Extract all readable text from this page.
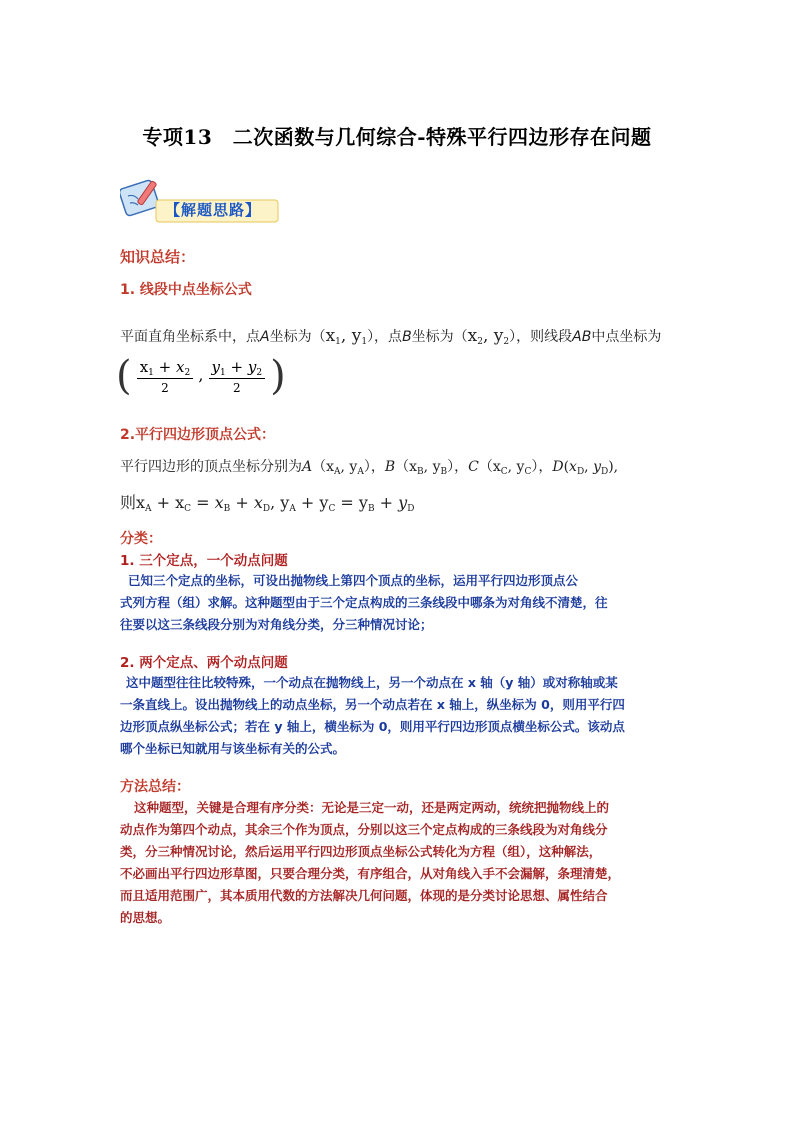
专项13　二次函数与几何综合-特殊平行四边形存在问题
【解题思路】
知识总结：
1. 线段中点坐标公式
平面直角坐标系中，点A坐标为（$x_1$, $y_1$），点B坐标为（$x_2$, $y_2$），则线段AB中点坐标为
( $\frac{x_1 + x_2}{2}$ , $\frac{y_1 + y_2}{2}$ )
2.平行四边形顶点公式：
平行四边形的顶点坐标分别为$A(x_A$, $y_A$），$B(x_B$, $y_B$），$C(x_C$, $y_C$），$D(x_D$, $y_D$),
则$x_A + x_C = x_B + x_D$, $y_A + y_C = y_B + y_D$
分类：
1. 三个定点，一个动点问题
已知三个定点的坐标，可设出抛物线上第四个顶点的坐标，运用平行四边形顶点公
式列方程（组）求解。这种题型由于三个定点构成的三条线段中哪条为对角线不清楚，往
往要以这三条线段分别为对角线分类，分三种情况讨论；
2. 两个定点、两个动点问题
这中题型往往比较特殊，一个动点在抛物线上，另一个动点在 x 轴（y 轴）或对称轴或某
一条直线上。设出抛物线上的动点坐标，另一个动点若在 x 轴上，纵坐标为 0，则用平行四
边形顶点纵坐标公式；若在 y 轴上，横坐标为 0，则用平行四边形顶点横坐标公式。该动点
哪个坐标已知就用与该坐标有关的公式。
方法总结：
这种题型，关键是合理有序分类：无论是三定一动，还是两定两动，统统把抛物线上的
动点作为第四个动点，其余三个作为顶点，分别以这三个定点构成的三条线段为对角线分
类，分三种情况讨论，然后运用平行四边形顶点坐标公式转化为方程（组），这种解法，
不必画出平行四边形草图，只要合理分类，有序组合，从对角线入手不会漏解，条理清楚，
而且适用范围广，其本质用代数的方法解决几何问题，体现的是分类讨论思想、属性结合
的思想。
